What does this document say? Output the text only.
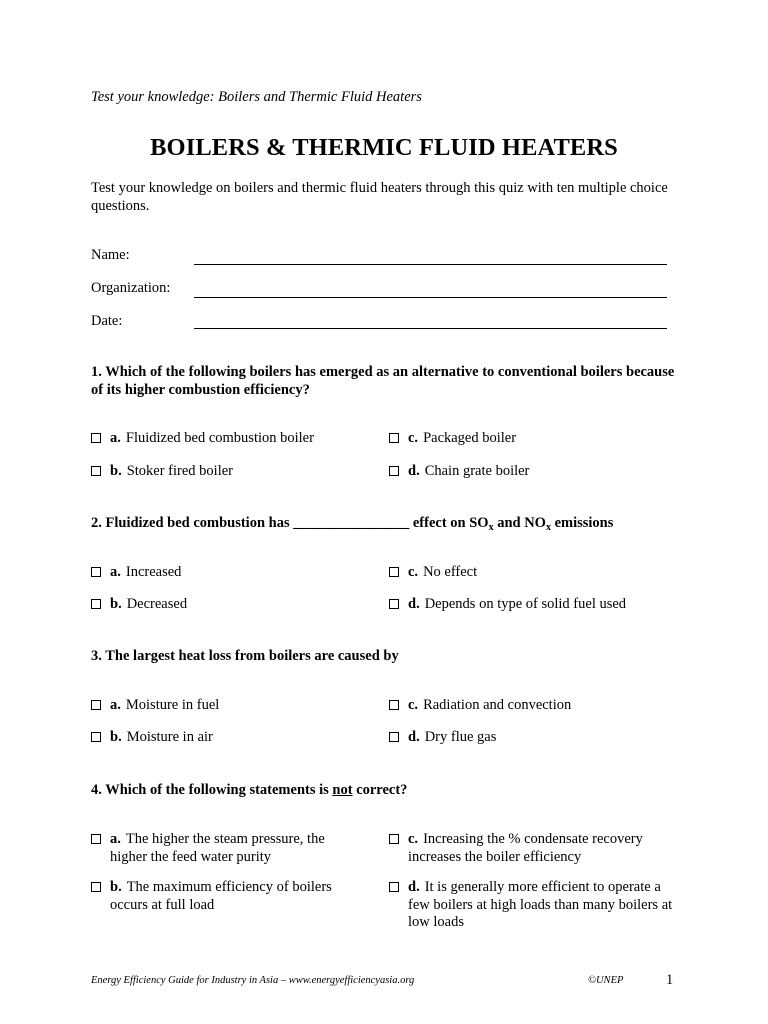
Test your knowledge: Boilers and Thermic Fluid Heaters
BOILERS & THERMIC FLUID HEATERS
Test your knowledge on boilers and thermic fluid heaters through this quiz with ten multiple choice questions.
Name:
Organization:
Date:
1. Which of the following boilers has emerged as an alternative to conventional boilers because of its higher combustion efficiency?
a. Fluidized bed combustion boiler
b. Stoker fired boiler
c. Packaged boiler
d. Chain grate boiler
2. Fluidized bed combustion has ________________ effect on $SO_x$ and $NO_x$ emissions
a. Increased
b. Decreased
c. No effect
d. Depends on type of solid fuel used
3. The largest heat loss from boilers are caused by
a. Moisture in fuel
b. Moisture in air
c. Radiation and convection
d. Dry flue gas
4. Which of the following statements is not correct?
a. The higher the steam pressure, the higher the feed water purity
b. The maximum efficiency of boilers occurs at full load
c. Increasing the % condensate recovery increases the boiler efficiency
d. It is generally more efficient to operate a few boilers at high loads than many boilers at low loads
Energy Efficiency Guide for Industry in Asia – www.energyefficiencyasia.org	©UNEP	1
